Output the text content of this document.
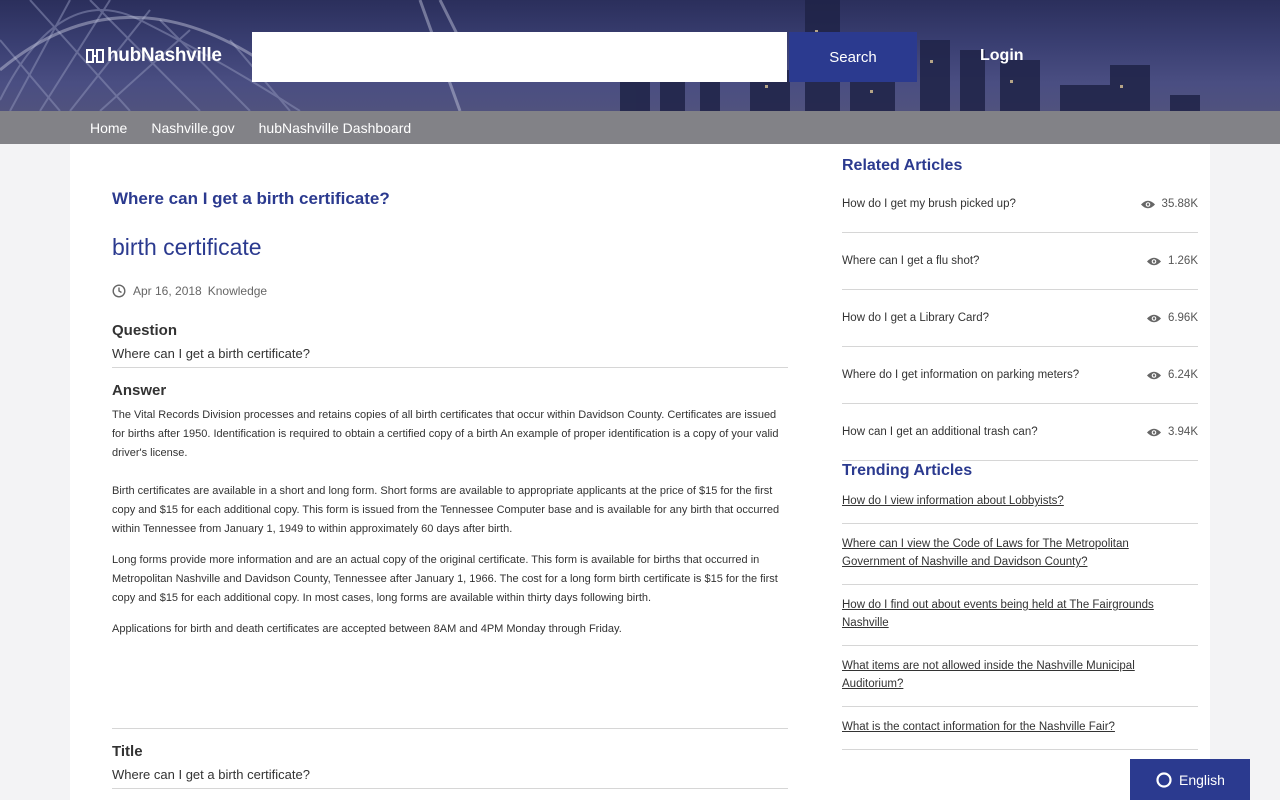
hubNashville	Search	Login
Home Nashville.gov hubNashville Dashboard
Where can I get a birth certificate?
birth certificate
Apr 16, 2018 Knowledge
Question
Where can I get a birth certificate?
Answer

The Vital Records Division processes and retains copies of all birth certificates that occur within Davidson County. Certificates are issued for births after 1950. Identification is required to obtain a certified copy of a birth An example of proper identification is a copy of your valid driver's license.

Birth certificates are available in a short and long form. Short forms are available to appropriate applicants at the price of $15 for the first copy and $15 for each additional copy. This form is issued from the Tennessee Computer base and is available for any birth that occurred within Tennessee from January 1, 1949 to within approximately 60 days after birth.

Long forms provide more information and are an actual copy of the original certificate. This form is available for births that occurred in Metropolitan Nashville and Davidson County, Tennessee after January 1, 1966. The cost for a long form birth certificate is $15 for the first copy and $15 for each additional copy. In most cases, long forms are available within thirty days following birth.

Applications for birth and death certificates are accepted between 8AM and 4PM Monday through Friday.

Title
Where can I get a birth certificate?
Related Articles
How do I get my brush picked up?	35.88K
Where can I get a flu shot?	1.26K
How do I get a Library Card?	6.96K
Where do I get information on parking meters?	6.24K
How can I get an additional trash can?	3.94K
Trending Articles
How do I view information about Lobbyists?
Where can I view the Code of Laws for The Metropolitan Government of Nashville and Davidson County?
How do I find out about events being held at The Fairgrounds Nashville
What items are not allowed inside the Nashville Municipal Auditorium?
What is the contact information for the Nashville Fair?
English
